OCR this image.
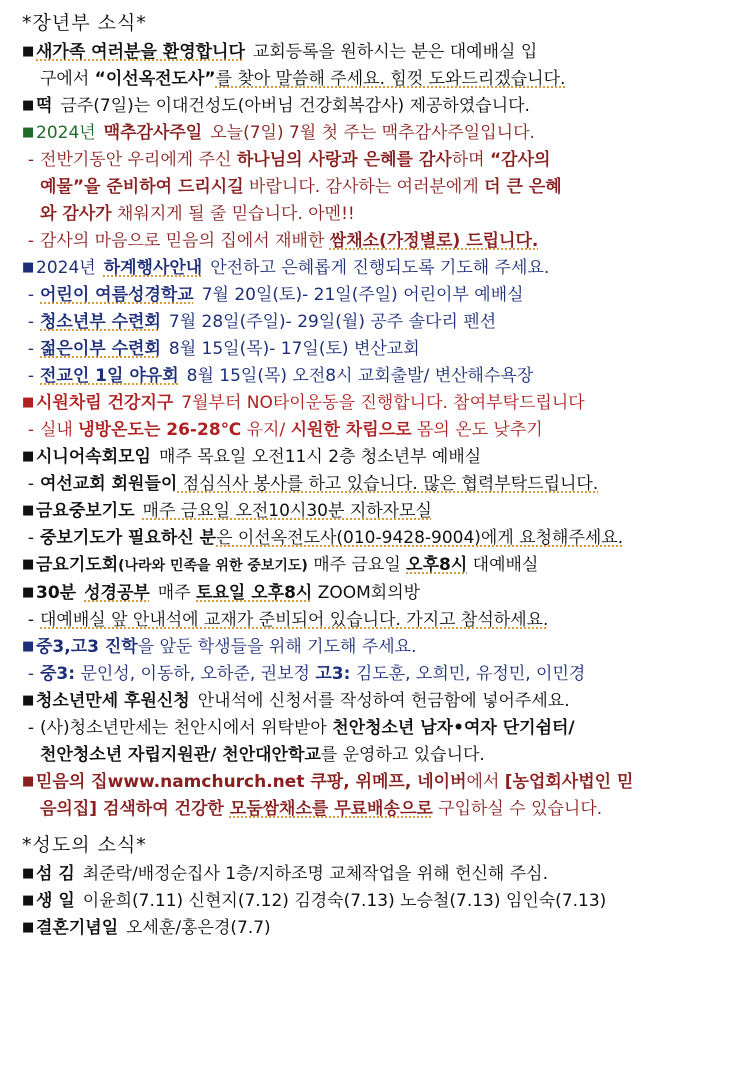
*장년부 소식*
■ 새가족 여러분을 환영합니다 교회등록을 원하시는 분은 대예배실 입
구에서 “이선옥전도사”를 찾아 말씀해 주세요. 힘껏 도와드리겠습니다.
■ 떡 금주(7일)는 이대건성도(아버님 건강회복감사) 제공하였습니다.
■ 2024년 맥추감사주일 오늘(7일) 7월 첫 주는 맥추감사주일입니다.
- 전반기동안 우리에게 주신 하나님의 사랑과 은혜를 감사하며 “감사의
예물”을 준비하여 드리시길 바랍니다. 감사하는 여러분에게 더 큰 은혜
와 감사가 채워지게 될 줄 믿습니다. 아멘!!
- 감사의 마음으로 믿음의 집에서 재배한 쌈채소(가정별로) 드립니다.
■ 2024년 하계행사안내 안전하고 은혜롭게 진행되도록 기도해 주세요.
- 어린이 여름성경학교 7월 20일(토)- 21일(주일) 어린이부 예배실
- 청소년부 수련회 7월 28일(주일)- 29일(월) 공주 솔다리 펜션
- 젊은이부 수련회 8월 15일(목)- 17일(토) 변산교회
- 전교인 1일 야유회 8월 15일(목) 오전8시 교회출발/ 변산해수욕장
■ 시원차림 건강지구 7월부터 NO타이운동을 진행합니다. 참여부탁드립니다
- 실내 냉방온도는 26-28℃ 유지/ 시원한 차림으로 몸의 온도 낮추기
■ 시니어속회모임 매주 목요일 오전11시 2층 청소년부 예배실
- 여선교회 회원들이 점심식사 봉사를 하고 있습니다. 많은 협력부탁드립니다.
■ 금요중보기도 매주 금요일 오전10시30분 지하자모실
- 중보기도가 필요하신 분은 이선옥전도사(010-9428-9004)에게 요청해주세요.
■ 금요기도회(나라와 민족을 위한 중보기도) 매주 금요일 오후8시 대예배실
■ 30분 성경공부 매주 토요일 오후8시 ZOOM회의방
- 대예배실 앞 안내석에 교재가 준비되어 있습니다. 가지고 참석하세요.
■ 중3,고3 진학을 앞둔 학생들을 위해 기도해 주세요.
- 중3: 문인성, 이동하, 오하준, 권보정 고3: 김도훈, 오희민, 유정민, 이민경
■ 청소년만세 후원신청 안내석에 신청서를 작성하여 헌금함에 넣어주세요.
- (사)청소년만세는 천안시에서 위탁받아 천안청소년 남자•여자 단기쉼터/
천안청소년 자립지원관/ 천안대안학교를 운영하고 있습니다.
■ 믿음의 집www.namchurch.net 쿠팡, 위메프, 네이버에서 [농업회사법인 믿
음의집] 검색하여 건강한 모둠쌈채소를 무료배송으로 구입하실 수 있습니다.
*성도의 소식*
■ 섬 김 최준락/배정순집사 1층/지하조명 교체작업을 위해 헌신해 주심.
■ 생 일 이윤희(7.11) 신현지(7.12) 김경숙(7.13) 노승철(7.13) 임인숙(7.13)
■ 결혼기념일 오세훈/홍은경(7.7)
